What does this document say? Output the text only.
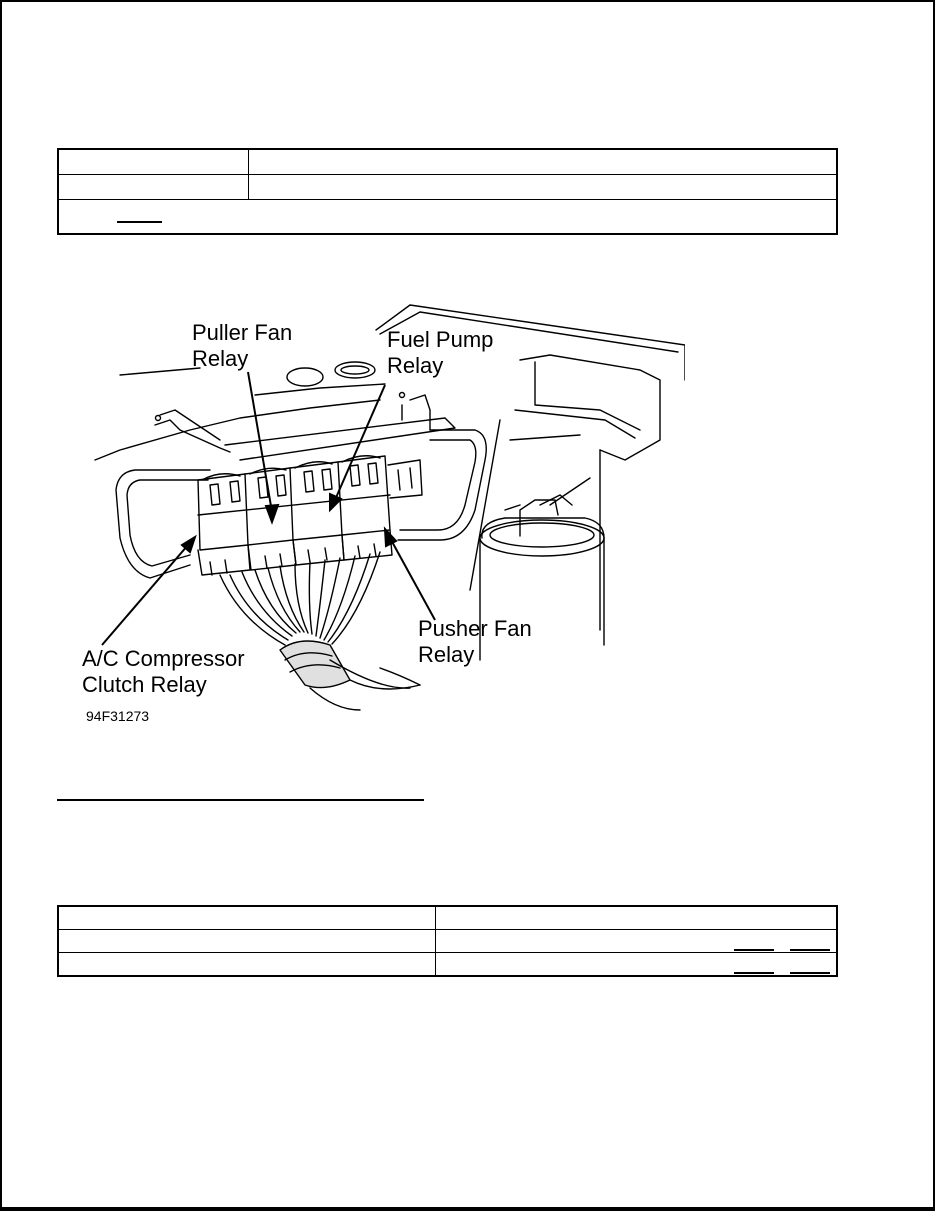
Puller Fan
Relay
Fuel Pump
Relay
Pusher Fan
Relay
A/C Compressor
Clutch Relay
94F31273
